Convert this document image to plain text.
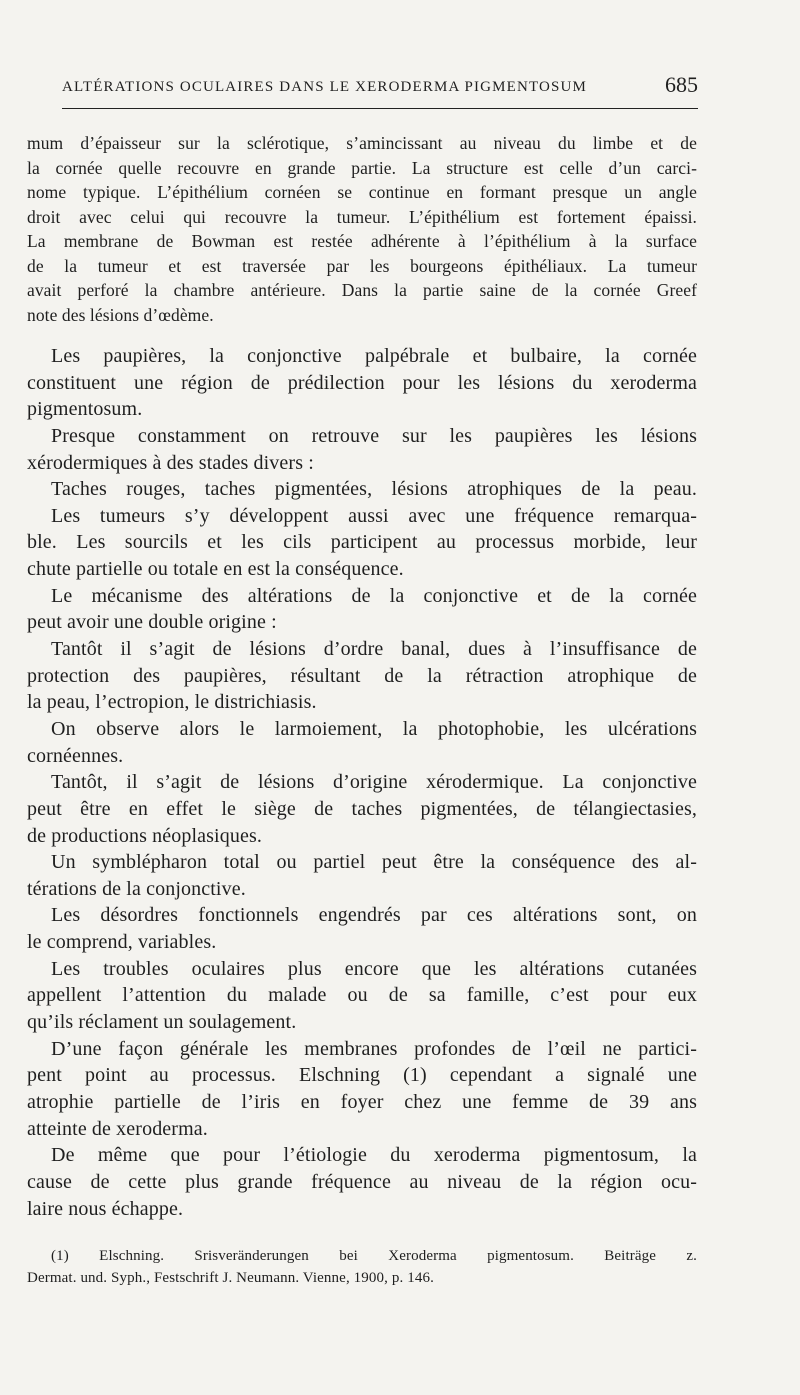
ALTÉRATIONS OCULAIRES DANS LE XERODERMA PIGMENTOSUM	685
mum d’épaisseur sur la sclérotique, s’amincissant au niveau du limbe et de
la cornée quelle recouvre en grande partie. La structure est celle d’un carci-
nome typique. L’épithélium cornéen se continue en formant presque un angle
droit avec celui qui recouvre la tumeur. L’épithélium est fortement épaissi.
La membrane de Bowman est restée adhérente à l’épithélium à la surface
de la tumeur et est traversée par les bourgeons épithéliaux. La tumeur
avait perforé la chambre antérieure. Dans la partie saine de la cornée Greef
note des lésions d’œdème.
Les paupières, la conjonctive palpébrale et bulbaire, la cornée
constituent une région de prédilection pour les lésions du xeroderma
pigmentosum.
Presque constamment on retrouve sur les paupières les lésions
xérodermiques à des stades divers :
Taches rouges, taches pigmentées, lésions atrophiques de la peau.
Les tumeurs s’y développent aussi avec une fréquence remarqua-
ble. Les sourcils et les cils participent au processus morbide, leur
chute partielle ou totale en est la conséquence.
Le mécanisme des altérations de la conjonctive et de la cornée
peut avoir une double origine :
Tantôt il s’agit de lésions d’ordre banal, dues à l’insuffisance de
protection des paupières, résultant de la rétraction atrophique de
la peau, l’ectropion, le districhiasis.
On observe alors le larmoiement, la photophobie, les ulcérations
cornéennes.
Tantôt, il s’agit de lésions d’origine xérodermique. La conjonctive
peut être en effet le siège de taches pigmentées, de télangiectasies,
de productions néoplasiques.
Un symblépharon total ou partiel peut être la conséquence des al-
térations de la conjonctive.
Les désordres fonctionnels engendrés par ces altérations sont, on
le comprend, variables.
Les troubles oculaires plus encore que les altérations cutanées
appellent l’attention du malade ou de sa famille, c’est pour eux
qu’ils réclament un soulagement.
D’une façon générale les membranes profondes de l’œil ne partici-
pent point au processus. Elschning (1) cependant a signalé une
atrophie partielle de l’iris en foyer chez une femme de 39 ans
atteinte de xeroderma.
De même que pour l’étiologie du xeroderma pigmentosum, la
cause de cette plus grande fréquence au niveau de la région ocu-
laire nous échappe.
(1) Elschning. Srisveränderungen bei Xeroderma pigmentosum. Beiträge z.
Dermat. und. Syph., Festschrift J. Neumann. Vienne, 1900, p. 146.
